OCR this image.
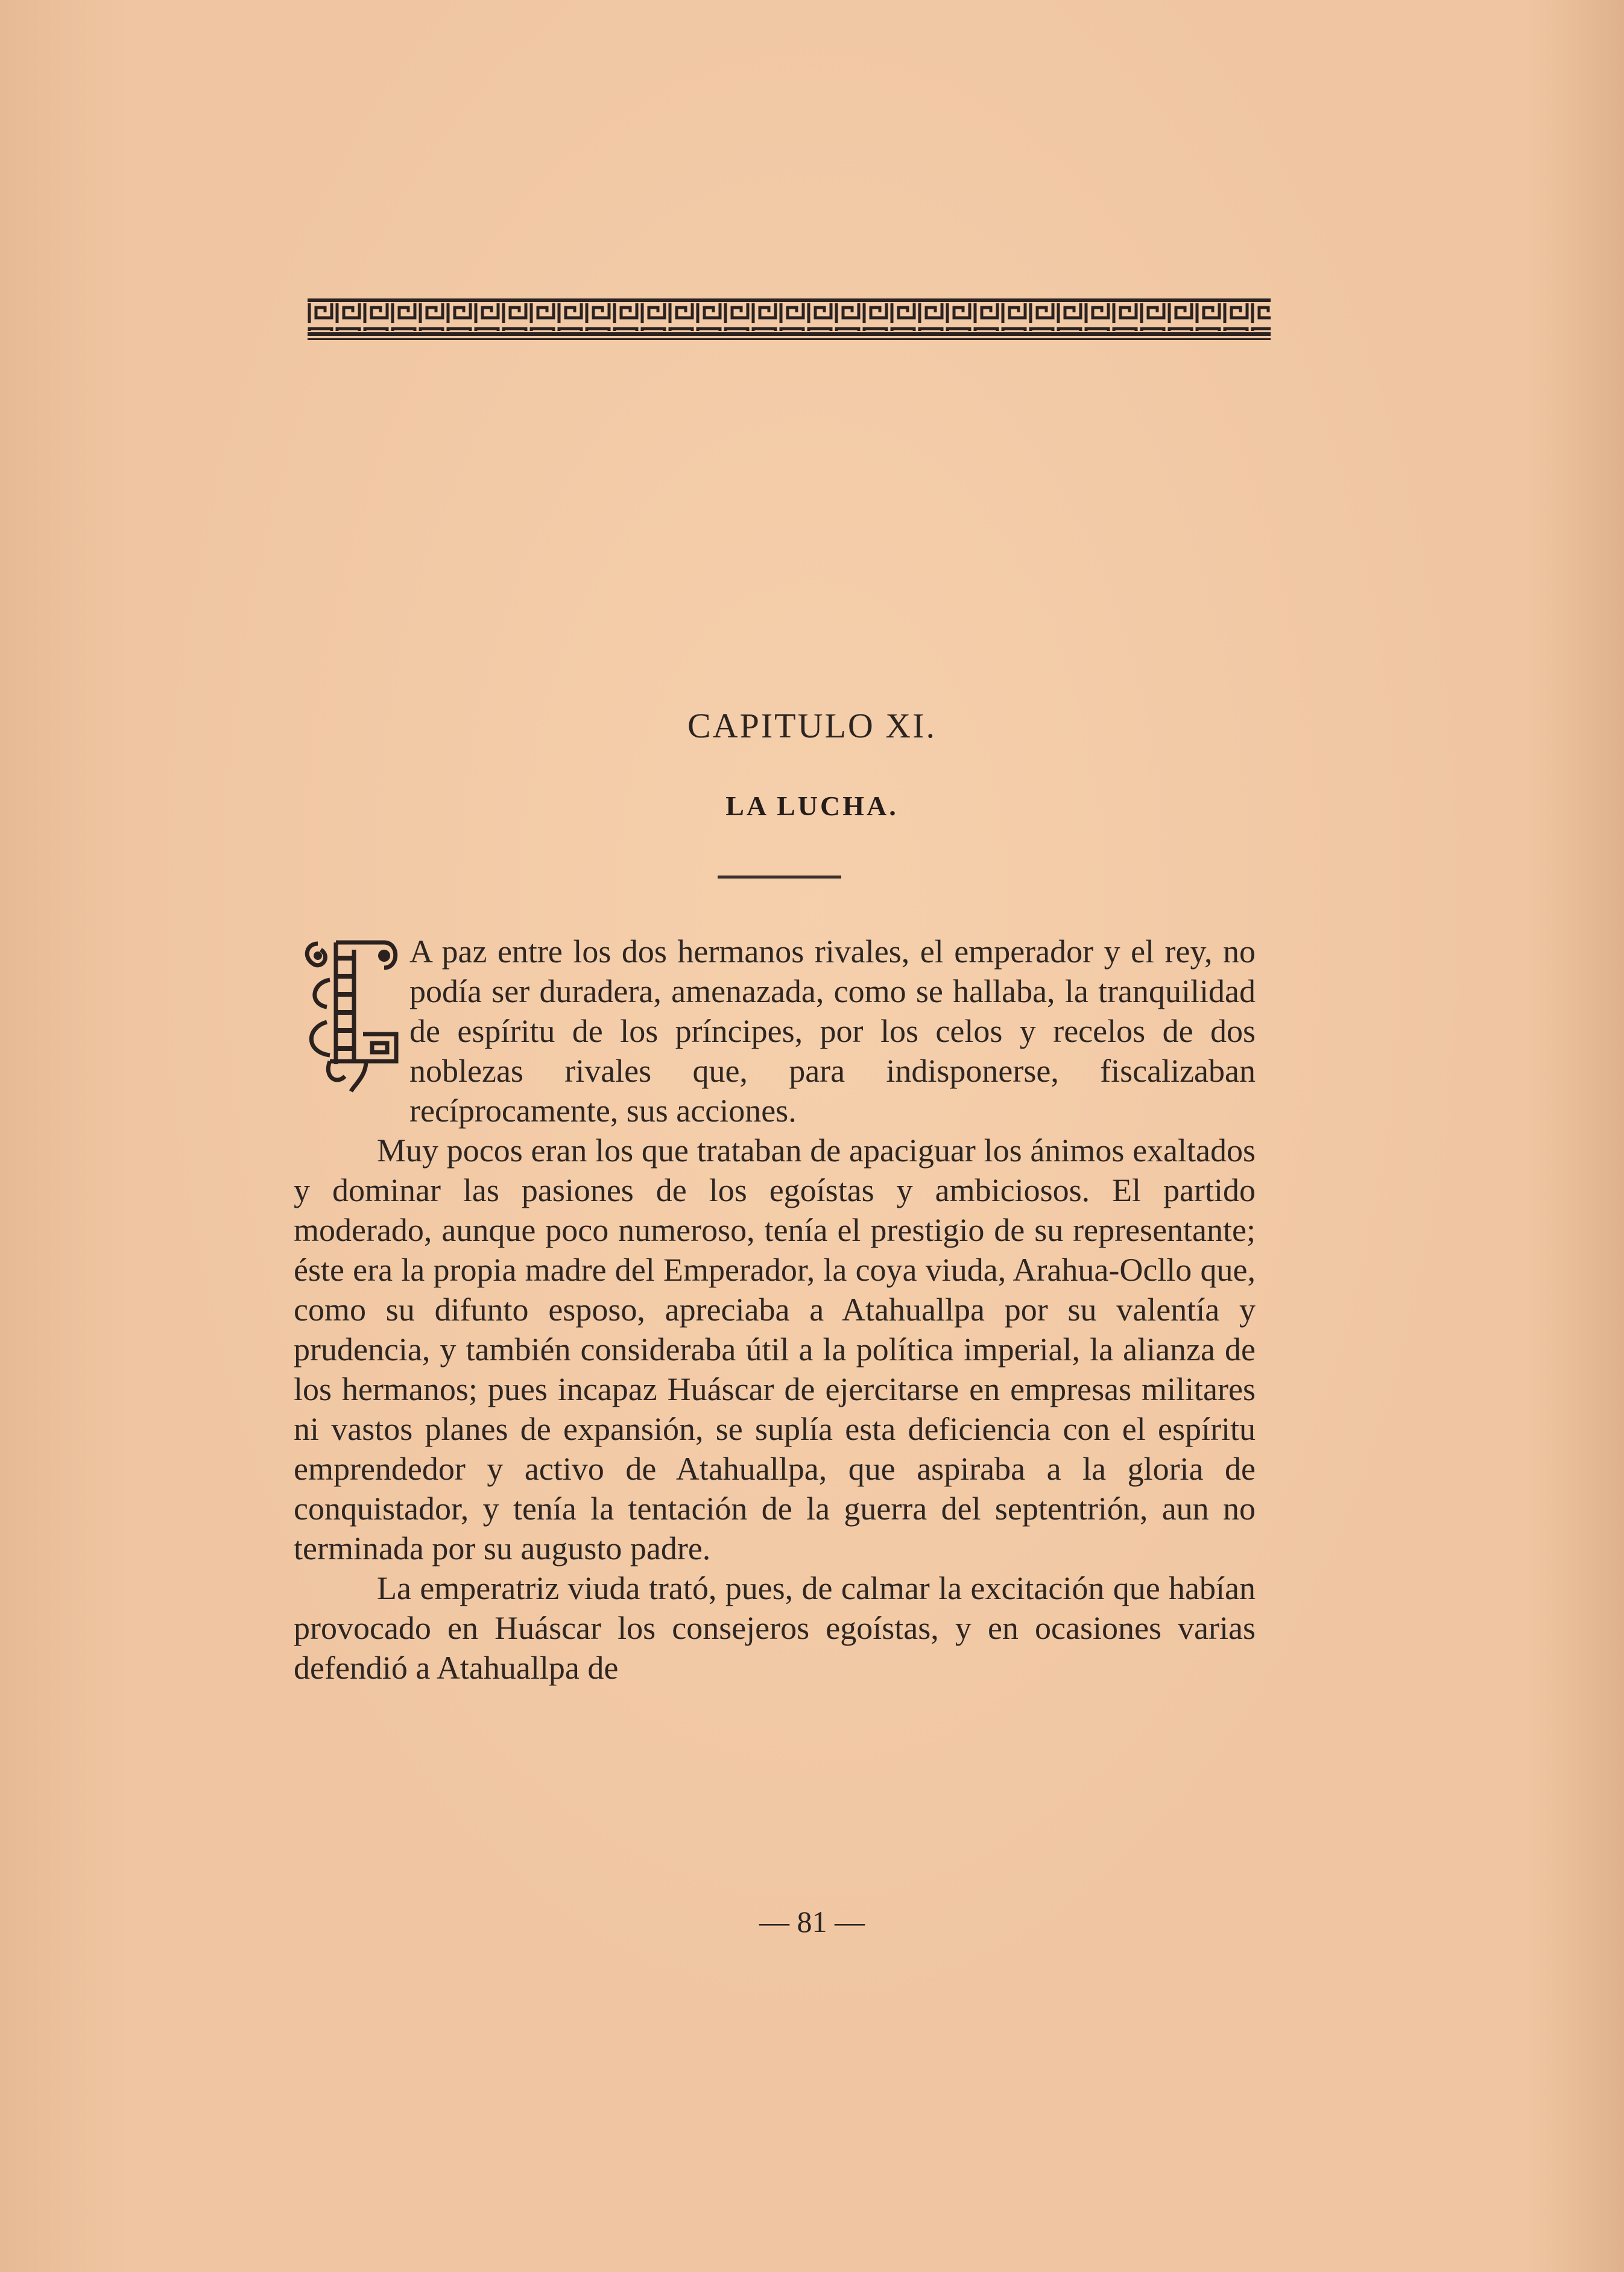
CAPITULO XI.
LA LUCHA.

A paz entre los dos hermanos rivales, el emperador y el rey, no podía ser duradera, amenazada, como se hallaba, la tranquilidad de espíritu de los príncipes, por los celos y recelos de dos noblezas rivales que, para indisponerse, fiscalizaban recíprocamente, sus acciones.

Muy pocos eran los que trataban de apaciguar los ánimos exaltados y dominar las pasiones de los egoístas y ambiciosos. El partido moderado, aunque poco numeroso, tenía el prestigio de su representante; éste era la propia madre del Emperador, la coya viuda, Arahua-Ocllo que, como su difunto esposo, apreciaba a Atahuallpa por su valentía y prudencia, y también consideraba útil a la política imperial, la alianza de los hermanos; pues incapaz Huáscar de ejercitarse en empresas militares ni vastos planes de expansión, se suplía esta deficiencia con el espíritu emprendedor y activo de Atahuallpa, que aspiraba a la gloria de conquistador, y tenía la tentación de la guerra del septentrión, aun no terminada por su augusto padre.

La emperatriz viuda trató, pues, de calmar la excitación que habían provocado en Huáscar los consejeros egoístas, y en ocasiones varias defendió a Atahuallpa de

— 81 —
